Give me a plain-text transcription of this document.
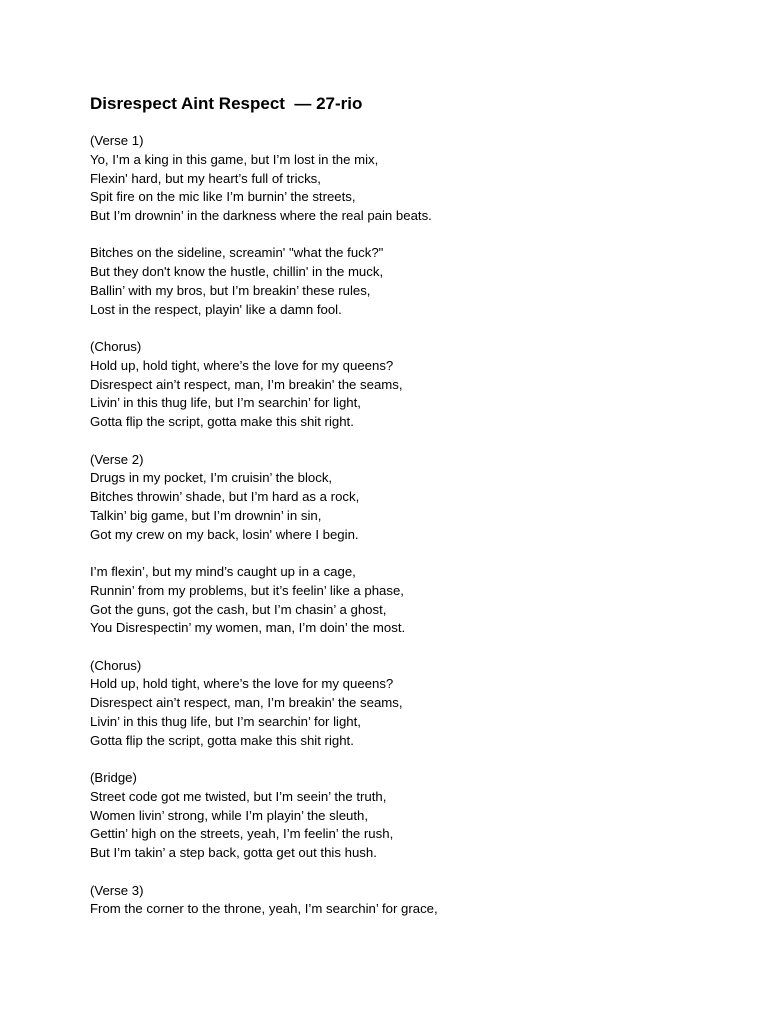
Disrespect Aint Respect  — 27-rio
(Verse 1)
Yo, I’m a king in this game, but I’m lost in the mix,
Flexin' hard, but my heart’s full of tricks,
Spit fire on the mic like I’m burnin’ the streets,
But I’m drownin’ in the darkness where the real pain beats.
Bitches on the sideline, screamin' "what the fuck?"
But they don't know the hustle, chillin' in the muck,
Ballin’ with my bros, but I’m breakin’ these rules,
Lost in the respect, playin' like a damn fool.
(Chorus)
Hold up, hold tight, where’s the love for my queens?
Disrespect ain’t respect, man, I’m breakin' the seams,
Livin’ in this thug life, but I’m searchin’ for light,
Gotta flip the script, gotta make this shit right.
(Verse 2)
Drugs in my pocket, I’m cruisin’ the block,
Bitches throwin’ shade, but I’m hard as a rock,
Talkin’ big game, but I’m drownin’ in sin,
Got my crew on my back, losin' where I begin.
I’m flexin’, but my mind’s caught up in a cage,
Runnin’ from my problems, but it’s feelin’ like a phase,
Got the guns, got the cash, but I’m chasin’ a ghost,
You Disrespectin’ my women, man, I’m doin’ the most.
(Chorus)
Hold up, hold tight, where’s the love for my queens?
Disrespect ain’t respect, man, I’m breakin' the seams,
Livin’ in this thug life, but I’m searchin’ for light,
Gotta flip the script, gotta make this shit right.
(Bridge)
Street code got me twisted, but I’m seein’ the truth,
Women livin’ strong, while I’m playin’ the sleuth,
Gettin’ high on the streets, yeah, I’m feelin’ the rush,
But I’m takin’ a step back, gotta get out this hush.
(Verse 3)
From the corner to the throne, yeah, I’m searchin’ for grace,
